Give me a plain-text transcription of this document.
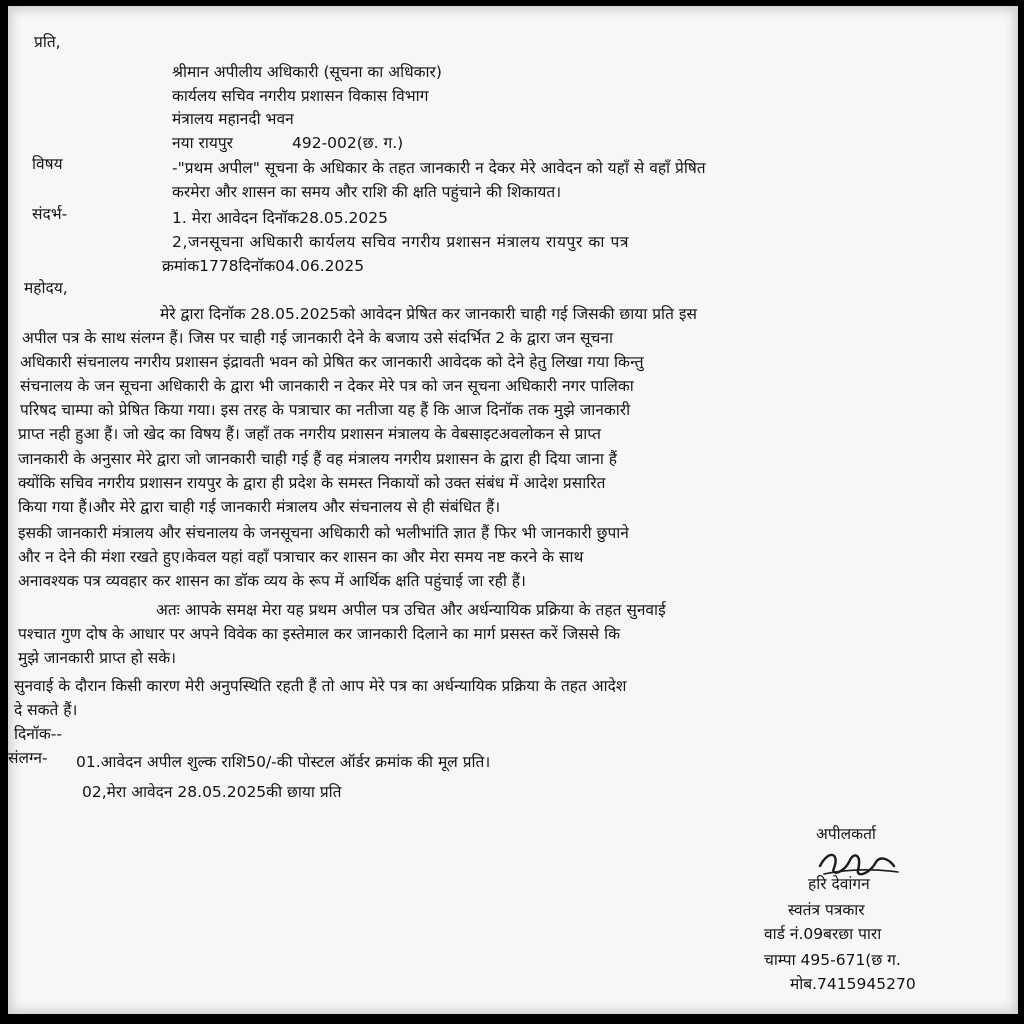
प्रति,
श्रीमान अपीलीय अधिकारी (सूचना का अधिकार)
कार्यलय सचिव नगरीय प्रशासन विकास विभाग
मंत्रालय महानदी भवन
नया रायपुर	492-002(छ. ग.)
विषय	-"प्रथम अपील" सूचना के अधिकार के तहत जानकारी न देकर मेरे आवेदन को यहाँ से वहाँ प्रेषित
करमेरा और शासन का समय और राशि की क्षति पहुंचाने की शिकायत।
संदर्भ-	1. मेरा आवेदन दिनॉक28.05.2025
2,जनसूचना अधिकारी कार्यलय सचिव नगरीय प्रशासन मंत्रालय रायपुर का पत्र
क्रमांक1778दिनॉक04.06.2025
महोदय,
मेरे द्वारा दिनॉक 28.05.2025को आवेदन प्रेषित कर जानकारी चाही गई जिसकी छाया प्रति इस
अपील पत्र के साथ संलग्न हैं। जिस पर चाही गई जानकारी देने के बजाय उसे संदर्भित 2 के द्वारा जन सूचना
अधिकारी संचनालय नगरीय प्रशासन इंद्रावती भवन को प्रेषित कर जानकारी आवेदक को देने हेतु लिखा गया किन्तु
संचनालय के जन सूचना अधिकारी के द्वारा भी जानकारी न देकर मेरे पत्र को जन सूचना अधिकारी नगर पालिका
परिषद चाम्पा को प्रेषित किया गया। इस तरह के पत्राचार का नतीजा यह हैं कि आज दिनॉक तक मुझे जानकारी
प्राप्त नही हुआ हैं। जो खेद का विषय हैं। जहाँ तक नगरीय प्रशासन मंत्रालय के वेबसाइटअवलोकन से प्राप्त
जानकारी के अनुसार मेरे द्वारा जो जानकारी चाही गई हैं वह मंत्रालय नगरीय प्रशासन के द्वारा ही दिया जाना हैं
क्योंकि सचिव नगरीय प्रशासन रायपुर के द्वारा ही प्रदेश के समस्त निकायों को उक्त संबंध में आदेश प्रसारित
किया गया हैं।और मेरे द्वारा चाही गई जानकारी मंत्रालय और संचनालय से ही संबंधित हैं।
इसकी जानकारी मंत्रालय और संचनालय के जनसूचना अधिकारी को भलीभांति ज्ञात हैं फिर भी जानकारी छुपाने
और न देने की मंशा रखते हुए।केवल यहां वहाँ पत्राचार कर शासन का और मेरा समय नष्ट करने के साथ
अनावश्यक पत्र व्यवहार कर शासन का डॉक व्यय के रूप में आर्थिक क्षति पहुंचाई जा रही हैं।
अतः आपके समक्ष मेरा यह प्रथम अपील पत्र उचित और अर्धन्यायिक प्रक्रिया के तहत सुनवाई
पश्चात गुण दोष के आधार पर अपने विवेक का इस्तेमाल कर जानकारी दिलाने का मार्ग प्रसस्त करें जिससे कि
मुझे जानकारी प्राप्त हो सके।
सुनवाई के दौरान किसी कारण मेरी अनुपस्थिति रहती हैं तो आप मेरे पत्र का अर्धन्यायिक प्रक्रिया के तहत आदेश
दे सकते हैं।
दिनॉक--
संलग्न- 01.आवेदन अपील शुल्क राशि50/-की पोस्टल ऑर्डर क्रमांक की मूल प्रति।
02,मेरा आवेदन 28.05.2025की छाया प्रति
अपीलकर्ता
हरि देवांगन
स्वतंत्र पत्रकार
वार्ड नं.09बरछा पारा
चाम्पा 495-671(छ ग.
मोब.7415945270
